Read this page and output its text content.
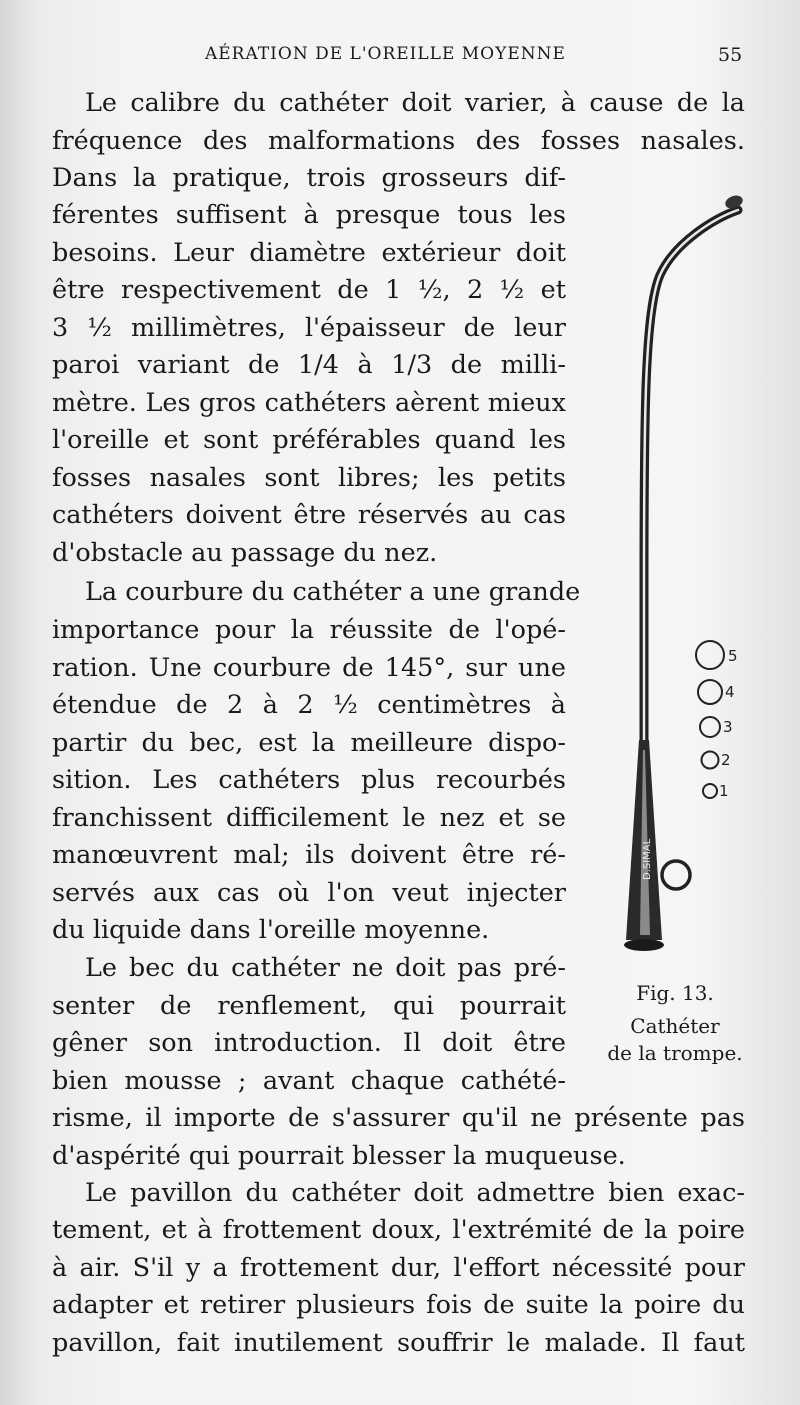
AÉRATION DE L'OREILLE MOYENNE	55
Le calibre du cathéter doit varier, à cause de la
fréquence des malformations des fosses nasales.
Dans la pratique, trois grosseurs dif-
férentes suffisent à presque tous les
besoins. Leur diamètre extérieur doit
être respectivement de 1 ½, 2 ½ et
3 ½ millimètres, l'épaisseur de leur
paroi variant de 1/4 à 1/3 de milli-
mètre. Les gros cathéters aèrent mieux
l'oreille et sont préférables quand les
fosses nasales sont libres; les petits
cathéters doivent être réservés au cas
d'obstacle au passage du nez.
La courbure du cathéter a une grande
importance pour la réussite de l'opé-
ration. Une courbure de 145°, sur une
étendue de 2 à 2 ½ centimètres à
partir du bec, est la meilleure dispo-
sition. Les cathéters plus recourbés
franchissent difficilement le nez et se
manœuvrent mal; ils doivent être ré-
servés aux cas où l'on veut injecter
du liquide dans l'oreille moyenne.
Le bec du cathéter ne doit pas pré-
senter de renflement, qui pourrait
gêner son introduction. Il doit être
bien mousse ; avant chaque cathété-
risme, il importe de s'assurer qu'il ne présente pas
d'aspérité qui pourrait blesser la muqueuse.
Le pavillon du cathéter doit admettre bien exac-
tement, et à frottement doux, l'extrémité de la poire
à air. S'il y a frottement dur, l'effort nécessité pour
adapter et retirer plusieurs fois de suite la poire du
pavillon, fait inutilement souffrir le malade. Il faut
D.SIMAL
5
4
3
2
1
Fig. 13.
Cathéter
de la trompe.
